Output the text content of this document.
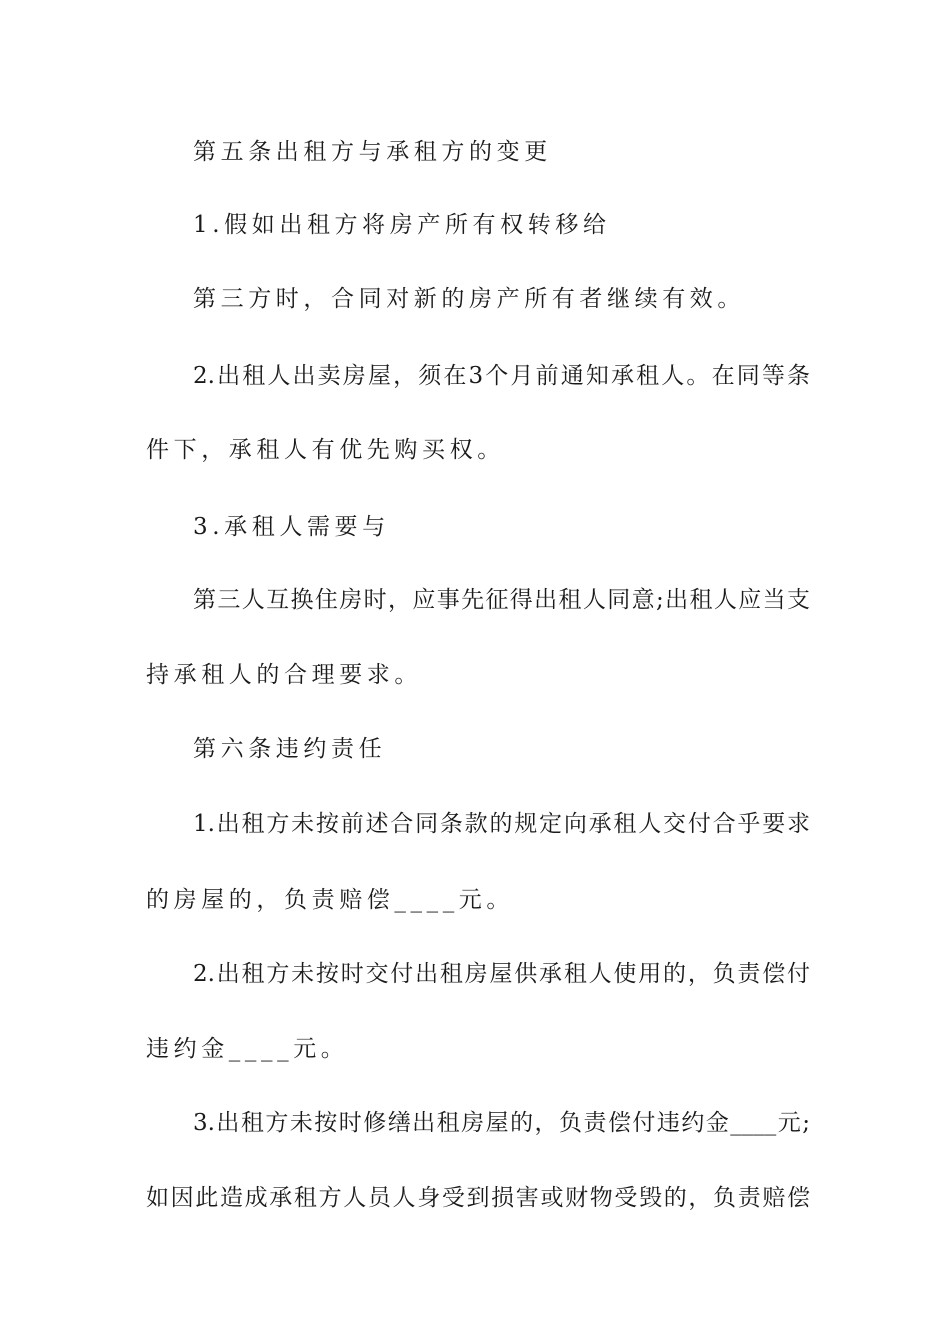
第五条出租方与承租方的变更
1.假如出租方将房产所有权转移给
第三方时，合同对新的房产所有者继续有效。
2.出租人出卖房屋，须在3个月前通知承租人。在同等条
件下，承租人有优先购买权。
3.承租人需要与
第三人互换住房时，应事先征得出租人同意;出租人应当支
持承租人的合理要求。
第六条违约责任
1.出租方未按前述合同条款的规定向承租人交付合乎要求
的房屋的，负责赔偿____元。
2.出租方未按时交付出租房屋供承租人使用的，负责偿付
违约金____元。
3.出租方未按时修缮出租房屋的，负责偿付违约金____元;
如因此造成承租方人员人身受到损害或财物受毁的，负责赔偿
